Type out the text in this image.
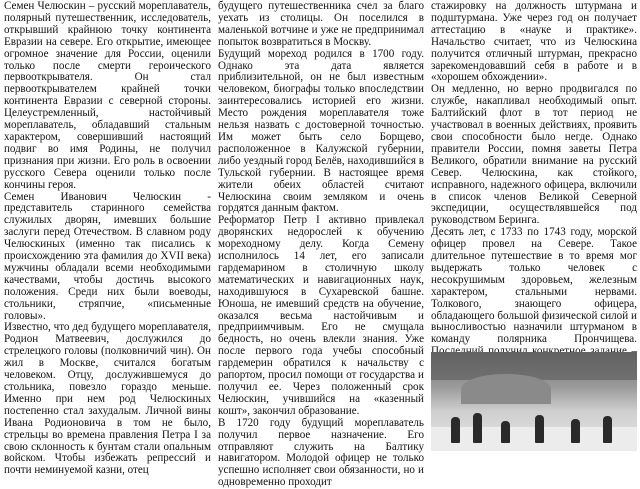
Семен Челюскин – русский мореплаватель, полярный путешественник, исследователь, открывший крайнюю точку континента Евразии на севере. Его открытие, имеющее огромное значение для России, оценили только после смерти героического первооткрывателя. Он стал первооткрывателем крайней точки континента Евразии с северной стороны. Целеустремленный, настойчивый мореплаватель, обладавший стальным характером, совершивший настоящий подвиг во имя Родины, не получил признания при жизни. Его роль в освоении русского Севера оценили только после кончины героя.

Семен Иванович Челюскин - представитель старинного семейства служилых дворян, имевших большие заслуги перед Отечеством. В славном роду Челюскиных (именно так писались к происхождению эта фамилия до XVII века) мужчины обладали всеми необходимыми качествами, чтобы достичь высокого положения. Среди них были воеводы, стольники, стряпчие, «письменные головы».

Известно, что дед будущего мореплавателя, Родион Матвеевич, дослужился до стрелецкого головы (полковничий чин). Он жил в Москве, считался богатым человеком. Отцу, дослужившемуся до стольника, повезло гораздо меньше. Именно при нем род Челюскиных постепенно стал захудалым. Личной вины Ивана Родионовича в том не было, стрельцы во времена правления Петра I за свою склонность к бунтам стали опальным войском. Чтобы избежать репрессий и почти неминуемой казни, отец

будущего путешественника счел за благо уехать из столицы. Он поселился в маленькой вотчине и уже не предпринимал попыток возвратиться в Москву.

Будущий мореход родился в 1700 году. Однако эта дата является приблизительной, он не был известным человеком, биографы только впоследствии заинтересовались историей его жизни. Место рождения мореплавателя тоже нельзя назвать с достоверной точностью. Им может быть село Борщево, расположенное в Калужской губернии, либо уездный город Белёв, находившийся в Тульской губернии. В настоящее время жители обеих областей считают Челюскина своим земляком и очень гордятся данным фактом.

Реформатор Петр I активно привлекал дворянских недорослей к обучению мореходному делу. Когда Семену исполнилось 14 лет, его записали гардемарином в столичную школу математических и навигационных наук, находившуюся в Сухаревской башне. Юноша, не имевший средств на обучение, оказался весьма настойчивым и предприимчивым. Его не смущала бедность, но очень влекли знания. Уже после первого года учебы способный гардемерин обратился к начальству с рапортом, просил помощи от государства и получил ее. Через положенный срок Челюскин, учившийся на «казенный кошт», закончил образование.

В 1720 году будущий мореплаватель получил первое назначение. Его отправляют служить на Балтику навигатором. Молодой офицер не только успешно исполняет свои обязанности, но и одновременно проходит

стажировку на должность штурмана и подштурмана. Уже через год он получает аттестацию в «науке и практике». Начальство считает, что из Челюскина получится отличный штурман, прекрасно зарекомендовавший себя в работе и в «хорошем обхождении».

Он медленно, но верно продвигался по службе, накапливал необходимый опыт. Балтийский флот в тот период не участвовал в военных действиях, проявить свои способности было негде. Однако правители России, помня заветы Петра Великого, обратили внимание на русский Север. Челюскина, как стойкого, исправного, надежного офицера, включили в список членов Великой Северной экспедиции, осуществлявшейся под руководством Беринга.

Десять лет, с 1733 по 1743 году, морской офицер провел на Севере. Такое длительное путешествие в то время мог выдержать только человек с несокрушимым здоровьем, железным характером, стальными нервами. Толкового, знающего офицера, обладающего большой физической силой и выносливостью назначили штурманом в команду полярника Прончищева.
